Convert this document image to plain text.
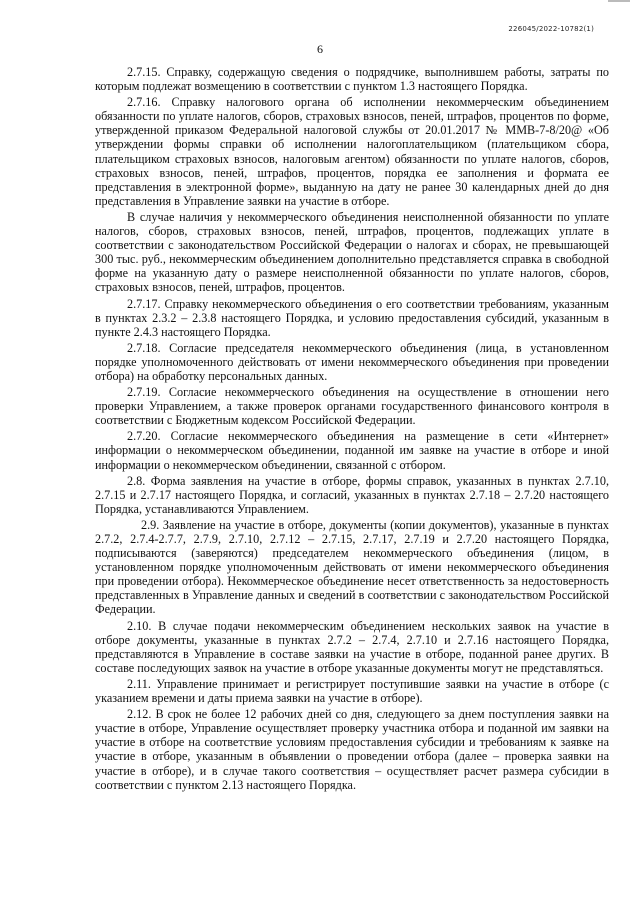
226045/2022-10782(1)
6

2.7.15. Справку, содержащую сведения о подрядчике, выполнившем работы, затраты по которым подлежат возмещению в соответствии с пунктом 1.3 настоящего Порядка.

2.7.16. Справку налогового органа об исполнении некоммерческим объединением обязанности по уплате налогов, сборов, страховых взносов, пеней, штрафов, процентов по форме, утвержденной приказом Федеральной налоговой службы от 20.01.2017 № ММВ-7-8/20@ «Об утверждении формы справки об исполнении налогоплательщиком (плательщиком сбора, плательщиком страховых взносов, налоговым агентом) обязанности по уплате налогов, сборов, страховых взносов, пеней, штрафов, процентов, порядка ее заполнения и формата ее представления в электронной форме», выданную на дату не ранее 30 календарных дней до дня представления в Управление заявки на участие в отборе.

В случае наличия у некоммерческого объединения неисполненной обязанности по уплате налогов, сборов, страховых взносов, пеней, штрафов, процентов, подлежащих уплате в соответствии с законодательством Российской Федерации о налогах и сборах, не превышающей 300 тыс. руб., некоммерческим объединением дополнительно представляется справка в свободной форме на указанную дату о размере неисполненной обязанности по уплате налогов, сборов, страховых взносов, пеней, штрафов, процентов.

2.7.17. Справку некоммерческого объединения о его соответствии требованиям, указанным в пунктах 2.3.2 – 2.3.8 настоящего Порядка, и условию предоставления субсидий, указанным в пункте 2.4.3 настоящего Порядка.

2.7.18. Согласие председателя некоммерческого объединения (лица, в установленном порядке уполномоченного действовать от имени некоммерческого объединения при проведении отбора) на обработку персональных данных.

2.7.19. Согласие некоммерческого объединения на осуществление в отношении него проверки Управлением, а также проверок органами государственного финансового контроля в соответствии с Бюджетным кодексом Российской Федерации.

2.7.20. Согласие некоммерческого объединения на размещение в сети «Интернет» информации о некоммерческом объединении, поданной им заявке на участие в отборе и иной информации о некоммерческом объединении, связанной с отбором.

2.8. Форма заявления на участие в отборе, формы справок, указанных в пунктах 2.7.10, 2.7.15 и 2.7.17 настоящего Порядка, и согласий, указанных в пунктах 2.7.18 – 2.7.20 настоящего Порядка, устанавливаются Управлением.

2.9. Заявление на участие в отборе, документы (копии документов), указанные в пунктах 2.7.2, 2.7.4-2.7.7, 2.7.9, 2.7.10, 2.7.12 – 2.7.15, 2.7.17, 2.7.19 и 2.7.20 настоящего Порядка, подписываются (заверяются) председателем некоммерческого объединения (лицом, в установленном порядке уполномоченным действовать от имени некоммерческого объединения при проведении отбора). Некоммерческое объединение несет ответственность за недостоверность представленных в Управление данных и сведений в соответствии с законодательством Российской Федерации.

2.10. В случае подачи некоммерческим объединением нескольких заявок на участие в отборе документы, указанные в пунктах 2.7.2 – 2.7.4, 2.7.10 и 2.7.16 настоящего Порядка, представляются в Управление в составе заявки на участие в отборе, поданной ранее других. В составе последующих заявок на участие в отборе указанные документы могут не представляться.

2.11. Управление принимает и регистрирует поступившие заявки на участие в отборе (с указанием времени и даты приема заявки на участие в отборе).

2.12. В срок не более 12 рабочих дней со дня, следующего за днем поступления заявки на участие в отборе, Управление осуществляет проверку участника отбора и поданной им заявки на участие в отборе на соответствие условиям предоставления субсидии и требованиям к заявке на участие в отборе, указанным в объявлении о проведении отбора (далее – проверка заявки на участие в отборе), и в случае такого соответствия – осуществляет расчет размера субсидии в соответствии с пунктом 2.13 настоящего Порядка.
